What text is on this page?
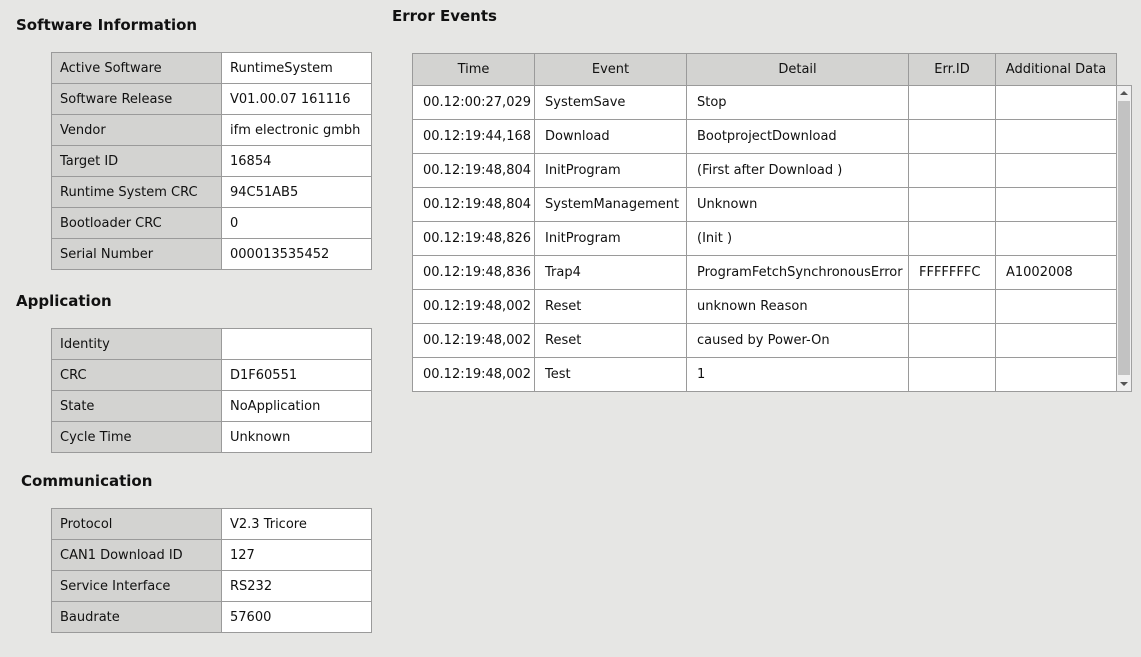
Software Information
Active Software	RuntimeSystem
Software Release	V01.00.07 161116
Vendor	ifm electronic gmbh
Target ID	16854
Runtime System CRC	94C51AB5
Bootloader CRC	0
Serial Number	000013535452
Application
Identity	
CRC	D1F60551
State	NoApplication
Cycle Time	Unknown
Communication
Protocol	V2.3 Tricore
CAN1 Download ID	127
Service Interface	RS232
Baudrate	57600
Error Events
Time	Event	Detail	Err.ID	Additional Data
00.12:00:27,029	SystemSave	Stop		
00.12:19:44,168	Download	BootprojectDownload		
00.12:19:48,804	InitProgram	(First after Download )		
00.12:19:48,804	SystemManagement	Unknown		
00.12:19:48,826	InitProgram	(Init )		
00.12:19:48,836	Trap4	ProgramFetchSynchronousError	FFFFFFFC	A1002008
00.12:19:48,002	Reset	unknown Reason		
00.12:19:48,002	Reset	caused by Power-On		
00.12:19:48,002	Test	1		
